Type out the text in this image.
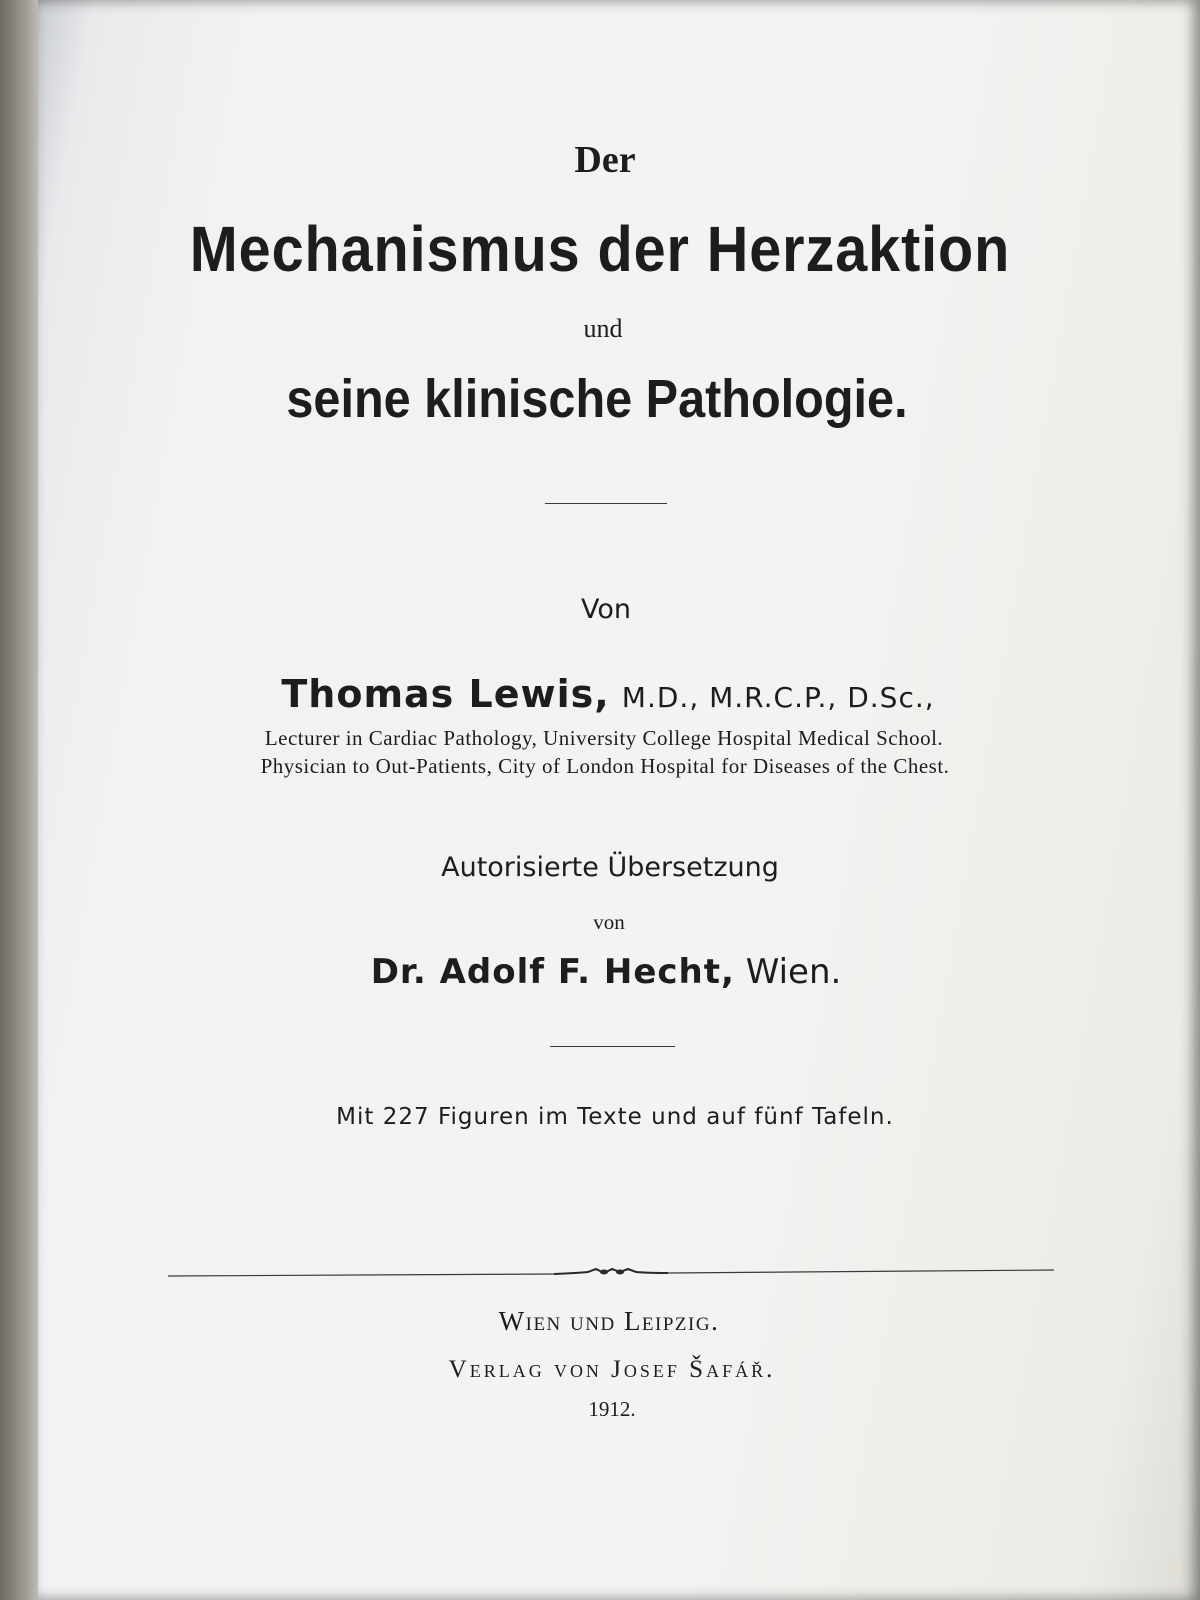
Der
Mechanismus der Herzaktion
und
seine klinische Pathologie.
Von
Thomas Lewis, M.D., M.R.C.P., D.Sc.,
Lecturer in Cardiac Pathology, University College Hospital Medical School.
Physician to Out-Patients, City of London Hospital for Diseases of the Chest.
Autorisierte Übersetzung
von
Dr. Adolf F. Hecht, Wien.
Mit 227 Figuren im Texte und auf fünf Tafeln.
Wien und Leipzig.
Verlag von Josef Šafář.
1912.
